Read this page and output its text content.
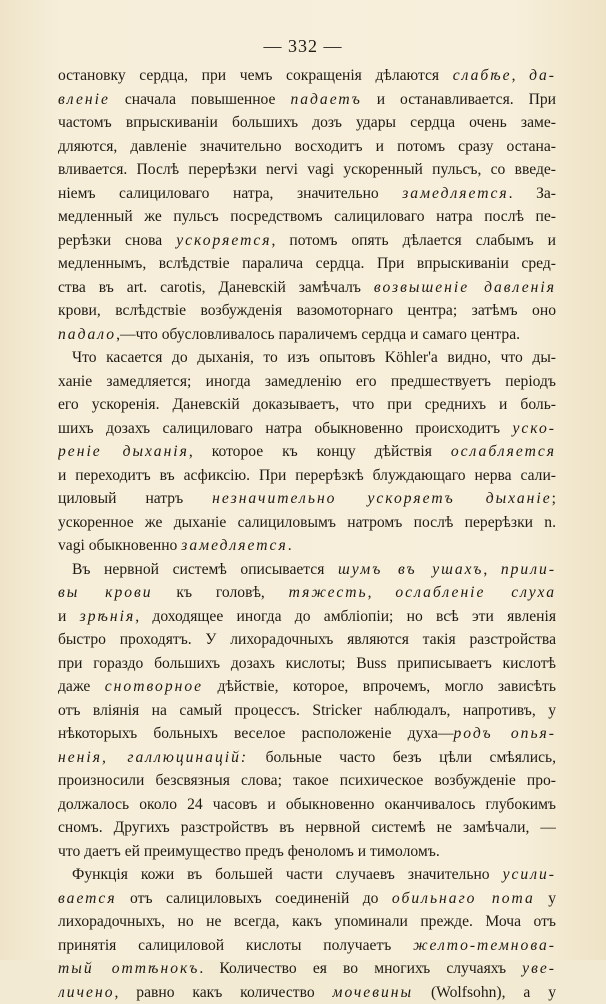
— 332 —
остановку сердца, при чемъ сокращенія дѣлаются слабѣе, да-
вленіе сначала повышенное падаетъ и останавливается. При
частомъ впрыскиваніи большихъ дозъ удары сердца очень заме-
дляются, давленіе значительно восходитъ и потомъ сразу остана-
вливается. Послѣ перерѣзки nervi vagi ускоренный пульсъ, со введе-
ніемъ салициловаго натра, значительно замедляется. За-
медленный же пульсъ посредствомъ салициловаго натра послѣ пе-
рерѣзки снова ускоряется, потомъ опять дѣлается слабымъ и
медленнымъ, вслѣдствіе паралича сердца. При впрыскиваніи сред-
ства въ art. carotis, Даневскій замѣчалъ возвышеніе давленія
крови, вслѣдствіе возбужденія вазомоторнаго центра; затѣмъ оно
падало,—что обусловливалось параличемъ сердца и самаго центра.
Что касается до дыханія, то изъ опытовъ Köhler'а видно, что ды-
ханіе замедляется; иногда замедленію его предшествуетъ періодъ
его ускоренія. Даневскій доказываетъ, что при среднихъ и боль-
шихъ дозахъ салициловаго натра обыкновенно происходитъ уско-
реніе дыханія, которое къ концу дѣйствія ослабляется
и переходитъ въ асфиксію. При перерѣзкѣ блуждающаго нерва сали-
циловый натръ незначительно ускоряетъ дыханіе;
ускоренное же дыханіе салициловымъ натромъ послѣ перерѣзки n.
vagi обыкновенно замедляется.
Въ нервной системѣ описывается шумъ въ ушахъ, прили-
вы крови къ головѣ, тяжесть, ослабленіе слуха
и зрѣнія, доходящее иногда до амбліопіи; но всѣ эти явленія
быстро проходятъ. У лихорадочныхъ являются такія разстройства
при гораздо большихъ дозахъ кислоты; Buss приписываетъ кислотѣ
даже снотворное дѣйствіе, которое, впрочемъ, могло зависѣть
отъ вліянія на самый процессъ. Stricker наблюдалъ, напротивъ, у
нѣкоторыхъ больныхъ веселое расположеніе духа—родъ опья-
ненія, галлюцинацій: больные часто безъ цѣли смѣялись,
произносили безсвязныя слова; такое психическое возбужденіе про-
должалось около 24 часовъ и обыкновенно оканчивалось глубокимъ
сномъ. Другихъ разстройствъ въ нервной системѣ не замѣчали, —
что даетъ ей преимущество предъ феноломъ и тимоломъ.
Функція кожи въ большей части случаевъ значительно усили-
вается отъ салициловыхъ соединеній до обильнаго пота у
лихорадочныхъ, но не всегда, какъ упоминали прежде. Моча отъ
принятія салициловой кислоты получаетъ желто-темнова-
тый оттѣнокъ. Количество ея во многихъ случаяхъ уве-
личено, равно какъ количество мочевины (Wolfsohn), а у
